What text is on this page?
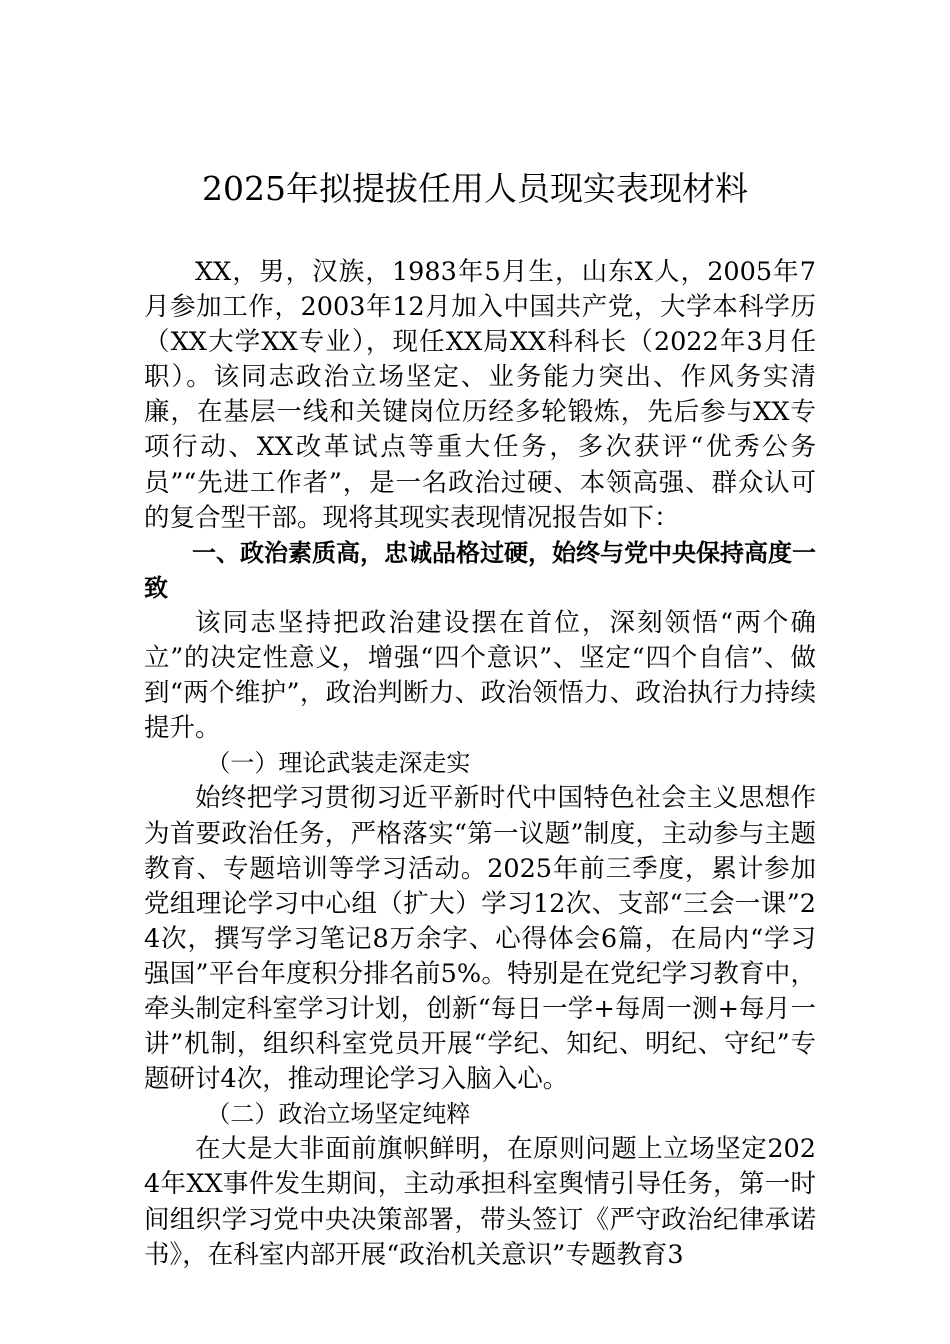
2025年拟提拔任用人员现实表现材料

XX，男，汉族，1983年5月生，山东X人，2005年7月参加工作，2003年12月加入中国共产党，大学本科学历（XX大学XX专业），现任XX局XX科科长（2022年3月任职）。该同志政治立场坚定、业务能力突出、作风务实清廉，在基层一线和关键岗位历经多轮锻炼，先后参与XX专项行动、XX改革试点等重大任务，多次获评“优秀公务员”“先进工作者”，是一名政治过硬、本领高强、群众认可的复合型干部。现将其现实表现情况报告如下：

一、政治素质高，忠诚品格过硬，始终与党中央保持高度一致

该同志坚持把政治建设摆在首位，深刻领悟“两个确立”的决定性意义，增强“四个意识”、坚定“四个自信”、做到“两个维护”，政治判断力、政治领悟力、政治执行力持续提升。

（一）理论武装走深走实

始终把学习贯彻习近平新时代中国特色社会主义思想作为首要政治任务，严格落实“第一议题”制度，主动参与主题教育、专题培训等学习活动。2025年前三季度，累计参加党组理论学习中心组（扩大）学习12次、支部“三会一课”24次，撰写学习笔记8万余字、心得体会6篇，在局内“学习强国”平台年度积分排名前5%。特别是在党纪学习教育中，牵头制定科室学习计划，创新“每日一学+每周一测+每月一讲”机制，组织科室党员开展“学纪、知纪、明纪、守纪”专题研讨4次，推动理论学习入脑入心。

（二）政治立场坚定纯粹

在大是大非面前旗帜鲜明，在原则问题上立场坚定2024年XX事件发生期间，主动承担科室舆情引导任务，第一时间组织学习党中央决策部署，带头签订《严守政治纪律承诺书》，在科室内部开展“政治机关意识”专题教育3
